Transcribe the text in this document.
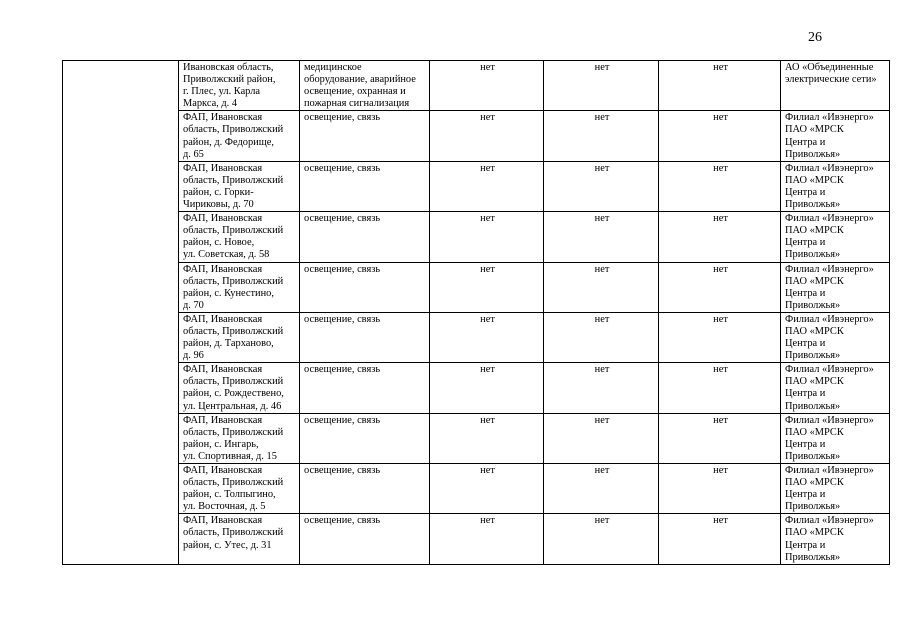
26

	Ивановская область,
Приволжский район,
г. Плес, ул. Карла
Маркса, д. 4	медицинское
оборудование, аварийное
освещение, охранная и
пожарная сигнализация	нет	нет	нет	АО «Объединенные
электрические сети»

	ФАП, Ивановская
область, Приволжский
район, д. Федорище,
д. 65	освещение, связь	нет	нет	нет	Филиал «Ивэнерго»
ПАО «МРСК
Центра и
Приволжья»

	ФАП, Ивановская
область, Приволжский
район, с. Горки-
Чириковы, д. 70	освещение, связь	нет	нет	нет	Филиал «Ивэнерго»
ПАО «МРСК
Центра и
Приволжья»

	ФАП, Ивановская
область, Приволжский
район, с. Новое,
ул. Советская, д. 58	освещение, связь	нет	нет	нет	Филиал «Ивэнерго»
ПАО «МРСК
Центра и
Приволжья»

	ФАП, Ивановская
область, Приволжский
район, с. Кунестино,
д. 70	освещение, связь	нет	нет	нет	Филиал «Ивэнерго»
ПАО «МРСК
Центра и
Приволжья»

	ФАП, Ивановская
область, Приволжский
район, д. Тарханово,
д. 96	освещение, связь	нет	нет	нет	Филиал «Ивэнерго»
ПАО «МРСК
Центра и
Приволжья»

	ФАП, Ивановская
область, Приволжский
район, с. Рождествено,
ул. Центральная, д. 46	освещение, связь	нет	нет	нет	Филиал «Ивэнерго»
ПАО «МРСК
Центра и
Приволжья»

	ФАП, Ивановская
область, Приволжский
район, с. Ингарь,
ул. Спортивная, д. 15	освещение, связь	нет	нет	нет	Филиал «Ивэнерго»
ПАО «МРСК
Центра и
Приволжья»

	ФАП, Ивановская
область, Приволжский
район, с. Толпыгино,
ул. Восточная, д. 5	освещение, связь	нет	нет	нет	Филиал «Ивэнерго»
ПАО «МРСК
Центра и
Приволжья»

	ФАП, Ивановская
область, Приволжский
район, с. Утес, д. 31	освещение, связь	нет	нет	нет	Филиал «Ивэнерго»
ПАО «МРСК
Центра и
Приволжья»
